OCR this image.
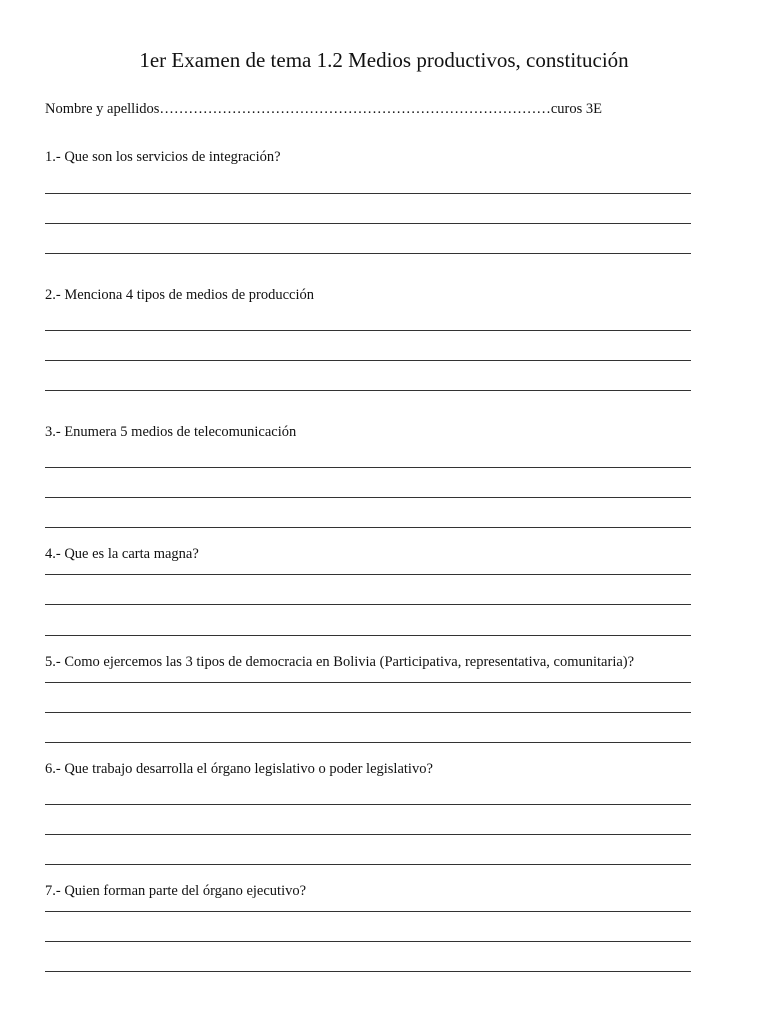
1er Examen de tema 1.2 Medios productivos, constitución
Nombre y apellidos………………………………………………………………………curos 3E
1.- Que son los servicios de integración?
2.- Menciona 4 tipos de medios de producción
3.- Enumera 5 medios de telecomunicación
4.- Que es la carta magna?
5.- Como ejercemos las 3 tipos de democracia en Bolivia (Participativa, representativa, comunitaria)?
6.- Que trabajo desarrolla el órgano legislativo o poder legislativo?
7.- Quien forman parte del órgano ejecutivo?
